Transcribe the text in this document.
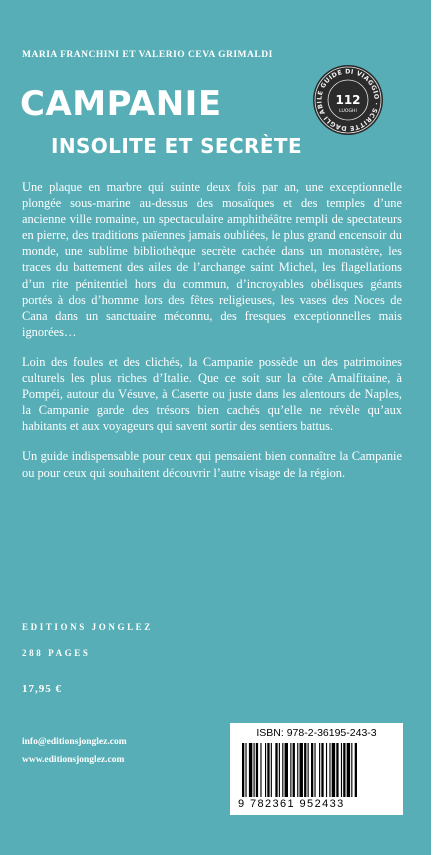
MARIA FRANCHINI ET VALERIO CEVA GRIMALDI
CAMPANIE
INSOLITE ET SECRÈTE
LE GUIDE DI VIAGGIO · SCRITTE DAGLI ABI 112
LUOGHI

Une plaque en marbre qui suinte deux fois par an, une exceptionnelle plongée sous-marine au-dessus des mosaïques et des temples d’une ancienne ville romaine, un spectaculaire amphithéâtre rempli de spectateurs en pierre, des traditions païennes jamais oubliées, le plus grand encensoir du monde, une sublime bibliothèque secrète cachée dans un monastère, les traces du battement des ailes de l’archange saint Michel, les flagellations d’un rite pénitentiel hors du commun, d’incroyables obélisques géants portés à dos d’homme lors des fêtes religieuses, les vases des Noces de Cana dans un sanctuaire méconnu, des fresques exceptionnelles mais ignorées…

Loin des foules et des clichés, la Campanie possède un des patrimoines culturels les plus riches d’Italie. Que ce soit sur la côte Amalfitaine, à Pompéi, autour du Vésuve, à Caserte ou juste dans les alentours de Naples, la Campanie garde des trésors bien cachés qu’elle ne révèle qu’aux habitants et aux voyageurs qui savent sortir des sentiers battus.

Un guide indispensable pour ceux qui pensaient bien connaître la Campanie ou pour ceux qui souhaitent découvrir l’autre visage de la région.

EDITIONS JONGLEZ
288 PAGES
17,95 €
info@editionsjonglez.com
www.editionsjonglez.com
ISBN: 978-2-36195-243-3
9 782361 952433
